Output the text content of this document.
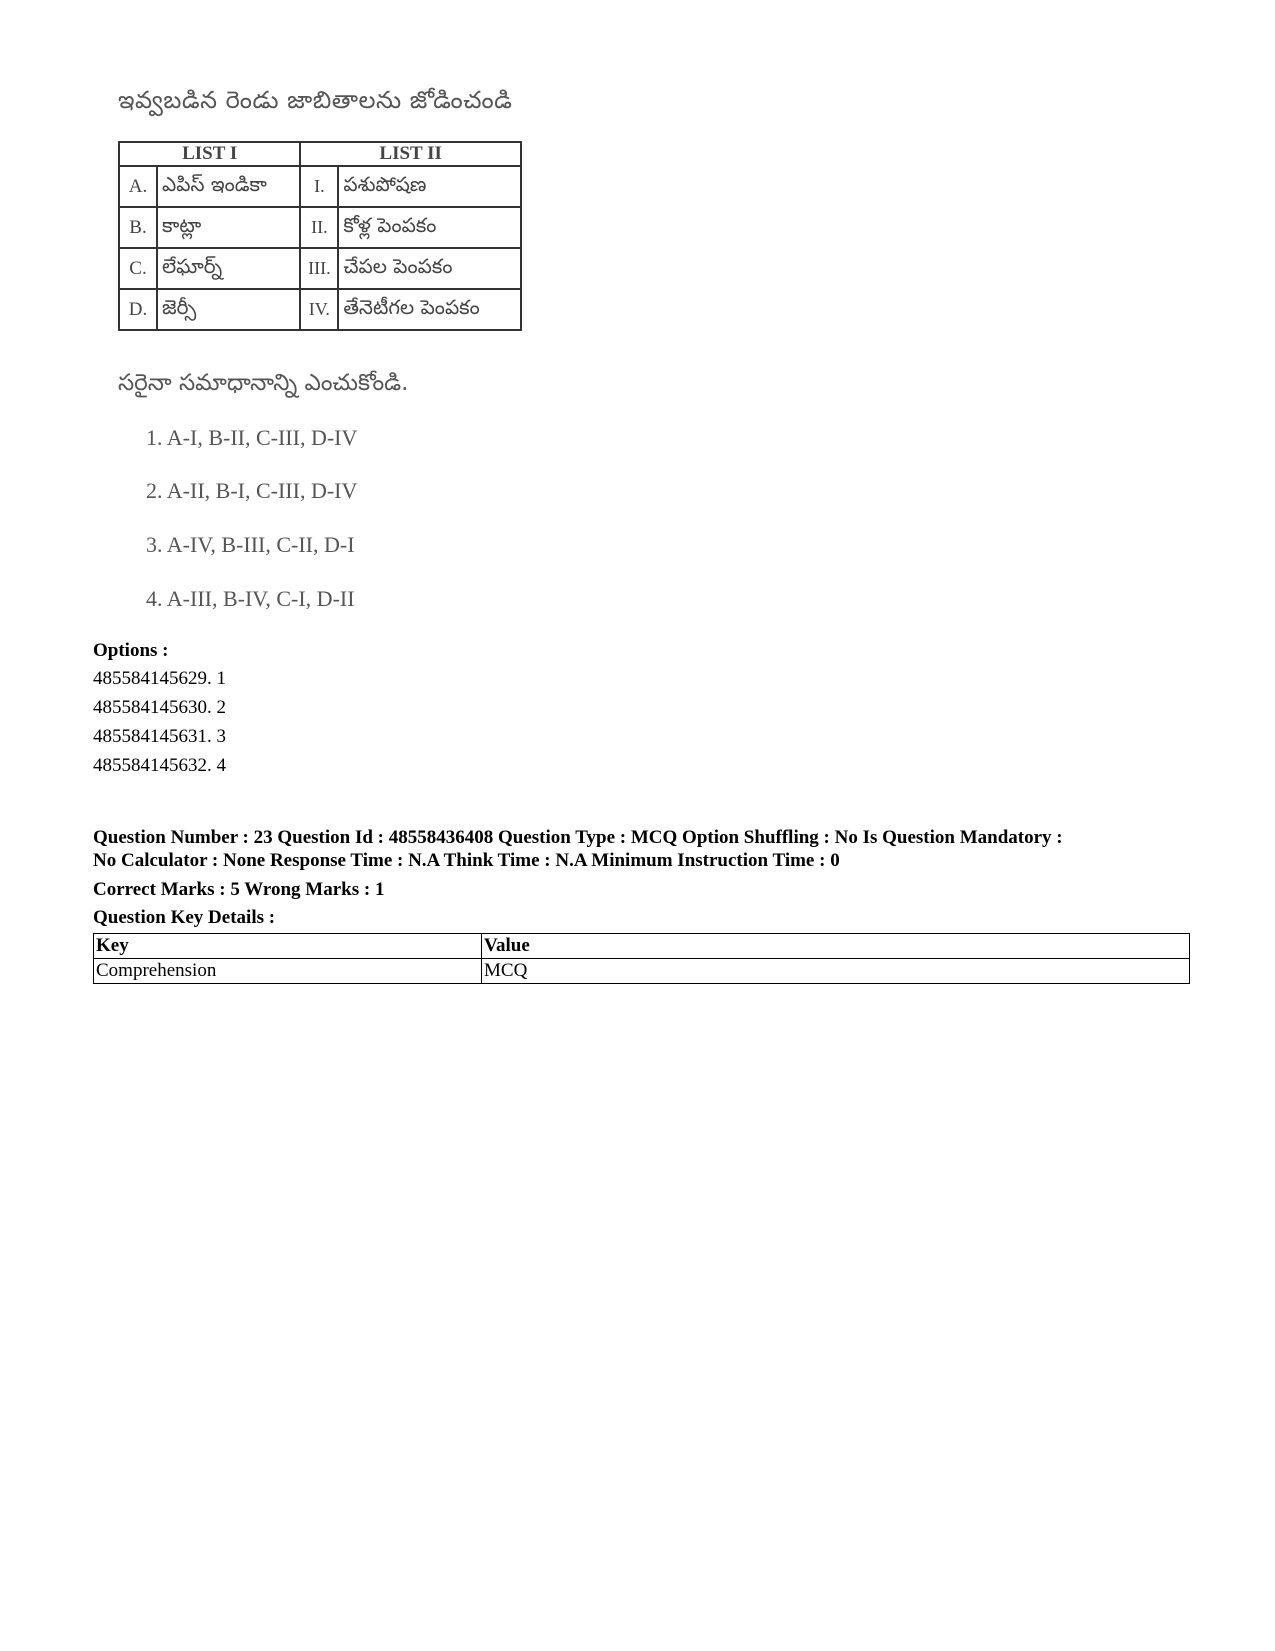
ఇవ్వబడిన రెండు జాబితాలను జోడించండి
LIST I		LIST II	
A.	ఎపిస్ ఇండికా	I.	పశుపోషణ
B.	కాట్లా	II.	కోళ్ల పెంపకం
C.	లేఘార్న్	III.	చేపల పెంపకం
D.	జెర్సీ	IV.	తేనెటీగల పెంపకం
సరైనా సమాధానాన్ని ఎంచుకోండి.
1. A-I, B-II, C-III, D-IV
2. A-II, B-I, C-III, D-IV
3. A-IV, B-III, C-II, D-I
4. A-III, B-IV, C-I, D-II
Options :
485584145629. 1
485584145630. 2
485584145631. 3
485584145632. 4
Question Number : 23 Question Id : 48558436408 Question Type : MCQ Option Shuffling : No Is Question Mandatory :
No Calculator : None Response Time : N.A Think Time : N.A Minimum Instruction Time : 0
Correct Marks : 5 Wrong Marks : 1
Question Key Details :
Key	Value
Comprehension	MCQ
